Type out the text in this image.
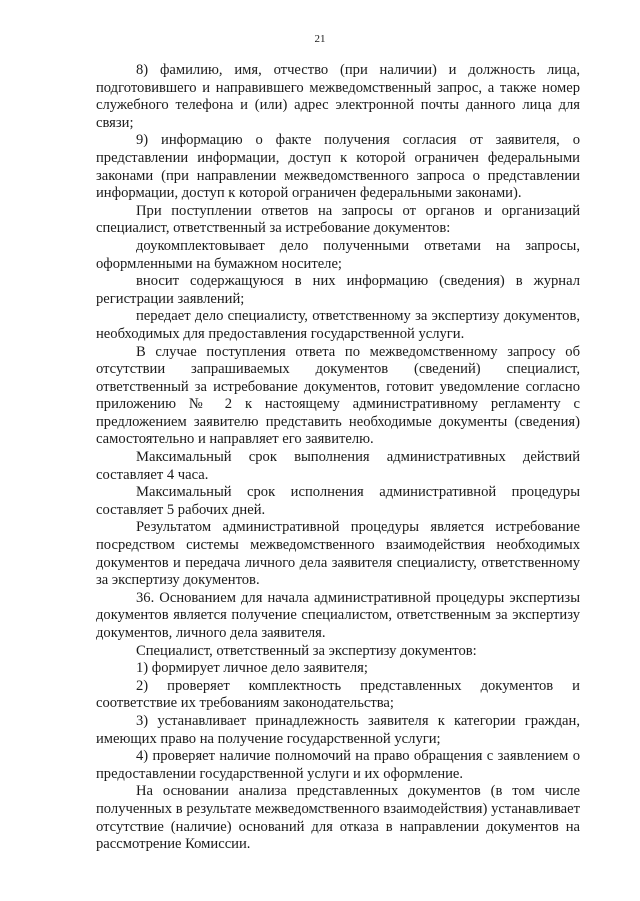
21

8) фамилию, имя, отчество (при наличии) и должность лица, подготовившего и направившего межведомственный запрос, а также номер служебного телефона и (или) адрес электронной почты данного лица для связи;

9) информацию о факте получения согласия от заявителя, о представлении информации, доступ к которой ограничен федеральными законами (при направлении межведомственного запроса о представлении информации, доступ к которой ограничен федеральными законами).

При поступлении ответов на запросы от органов и организаций специалист, ответственный за истребование документов:

доукомплектовывает дело полученными ответами на запросы, оформленными на бумажном носителе;

вносит содержащуюся в них информацию (сведения) в журнал регистрации заявлений;

передает дело специалисту, ответственному за экспертизу документов, необходимых для предоставления государственной услуги.

В случае поступления ответа по межведомственному запросу об отсутствии запрашиваемых документов (сведений) специалист, ответственный за истребование документов, готовит уведомление согласно приложению № 2 к настоящему административному регламенту с предложением заявителю представить необходимые документы (сведения) самостоятельно и направляет его заявителю.

Максимальный срок выполнения административных действий составляет 4 часа.

Максимальный срок исполнения административной процедуры составляет 5 рабочих дней.

Результатом административной процедуры является истребование посредством системы межведомственного взаимодействия необходимых документов и передача личного дела заявителя специалисту, ответственному за экспертизу документов.

36. Основанием для начала административной процедуры экспертизы документов является получение специалистом, ответственным за экспертизу документов, личного дела заявителя.

Специалист, ответственный за экспертизу документов:

1) формирует личное дело заявителя;

2) проверяет комплектность представленных документов и соответствие их требованиям законодательства;

3) устанавливает принадлежность заявителя к категории граждан, имеющих право на получение государственной услуги;

4) проверяет наличие полномочий на право обращения с заявлением о предоставлении государственной услуги и их оформление.

На основании анализа представленных документов (в том числе полученных в результате межведомственного взаимодействия) устанавливает отсутствие (наличие) оснований для отказа в направлении документов на рассмотрение Комиссии.
